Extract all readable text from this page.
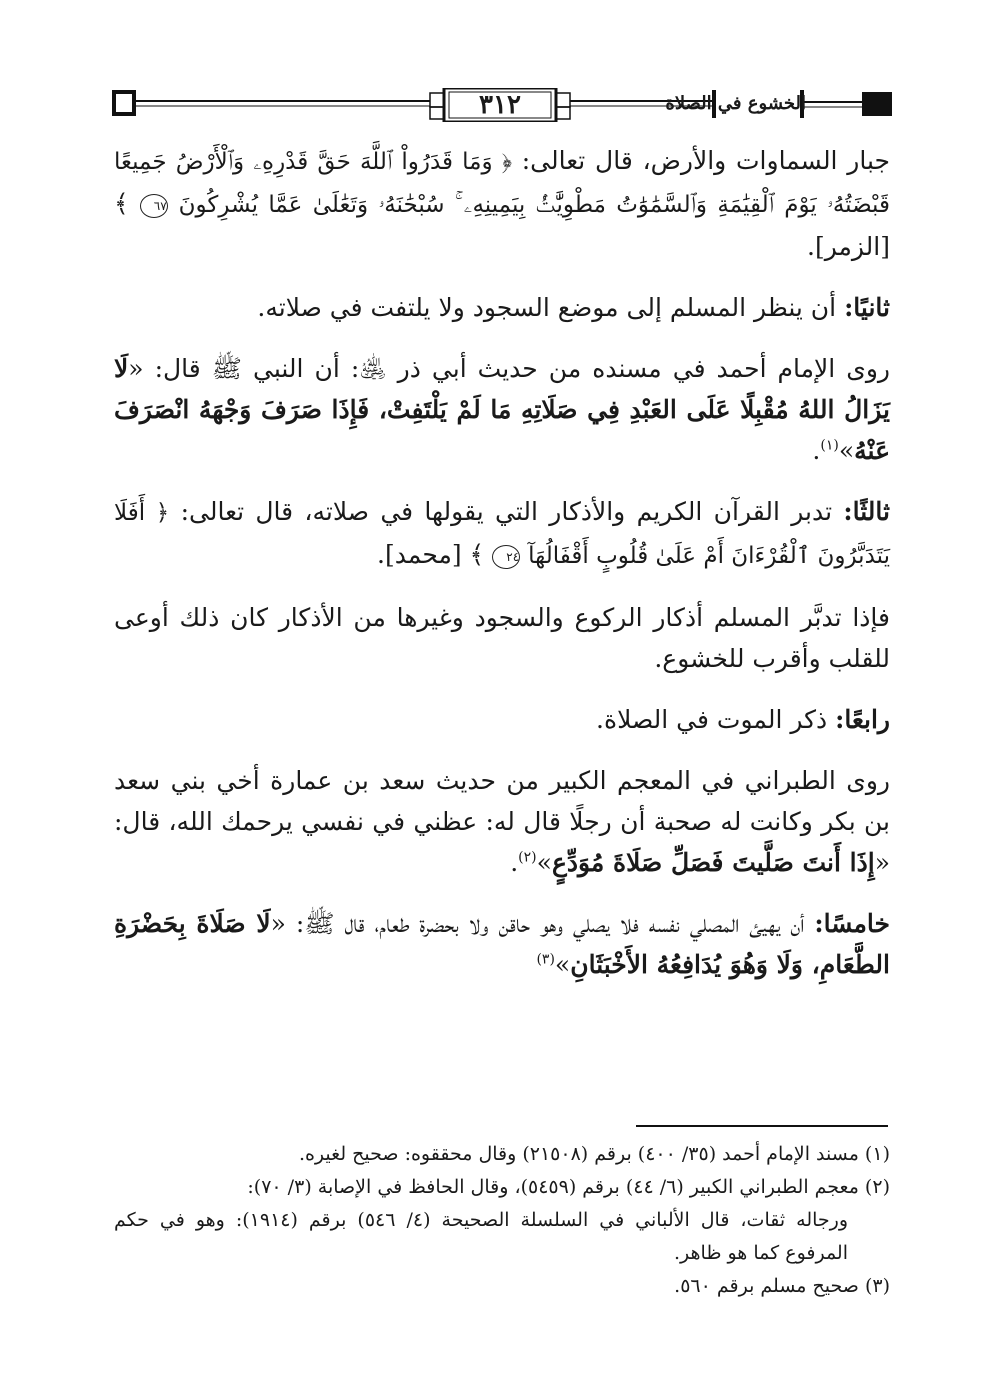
٣١٢	الخشوع في الصلاة

جبار السماوات والأرض، قال تعالى: ﴿ وَمَا قَدَرُواْ ٱللَّهَ حَقَّ قَدْرِهِۦ وَٱلْأَرْضُ جَمِيعًا قَبْضَتُهُۥ يَوْمَ ٱلْقِيَٰمَةِ وَٱلسَّمَٰوَٰتُ مَطْوِيَّٰتُۢ بِيَمِينِهِۦ ۚ سُبْحَٰنَهُۥ وَتَعَٰلَىٰ عَمَّا يُشْرِكُونَ ٦٧ ﴾ [الزمر].

ثانيًا: أن ينظر المسلم إلى موضع السجود ولا يلتفت في صلاته.

روى الإمام أحمد في مسنده من حديث أبي ذر ﵁: أن النبي ﷺ قال: «لَا يَزَالُ اللهُ مُقْبِلًا عَلَى العَبْدِ فِي صَلَاتِهِ مَا لَمْ يَلْتَفِتْ، فَإِذَا صَرَفَ وَجْهَهُ انْصَرَفَ عَنْهُ»$^{(١)}$.

ثالثًا: تدبر القرآن الكريم والأذكار التي يقولها في صلاته، قال تعالى: ﴿ أَفَلَا يَتَدَبَّرُونَ ٱلْقُرْءَانَ أَمْ عَلَىٰ قُلُوبٍ أَقْفَالُهَآ ٢٤ ﴾ [محمد].

فإذا تدبَّر المسلم أذكار الركوع والسجود وغيرها من الأذكار كان ذلك أوعى للقلب وأقرب للخشوع.

رابعًا: ذكر الموت في الصلاة.

روى الطبراني في المعجم الكبير من حديث سعد بن عمارة أخي بني سعد بن بكر وكانت له صحبة أن رجلًا قال له: عظني في نفسي يرحمك الله، قال: «إِذَا أَنتَ صَلَّيتَ فَصَلِّ صَلَاةَ مُوَدِّعٍ»$^{(٢)}$.

خامسًا: أن يهيئ المصلي نفسه فلا يصلي وهو حاقن ولا بحضرة طعام، قال ﷺ: «لَا صَلَاةَ بِحَضْرَةِ الطَّعَامِ، وَلَا وَهُوَ يُدَافِعُهُ الأَخْبَثَانِ»$^{(٣)}$

(١) مسند الإمام أحمد (٣٥/ ٤٠٠) برقم (٢١٥٠٨) وقال محققوه: صحيح لغيره.

(٢) معجم الطبراني الكبير (٦/ ٤٤) برقم (٥٤٥٩)، وقال الحافظ في الإصابة (٣/ ٧٠):

ورجاله ثقات، قال الألباني في السلسلة الصحيحة (٤/ ٥٤٦) برقم (١٩١٤): وهو في حكم المرفوع كما هو ظاهر.

(٣) صحيح مسلم برقم ٥٦٠.
